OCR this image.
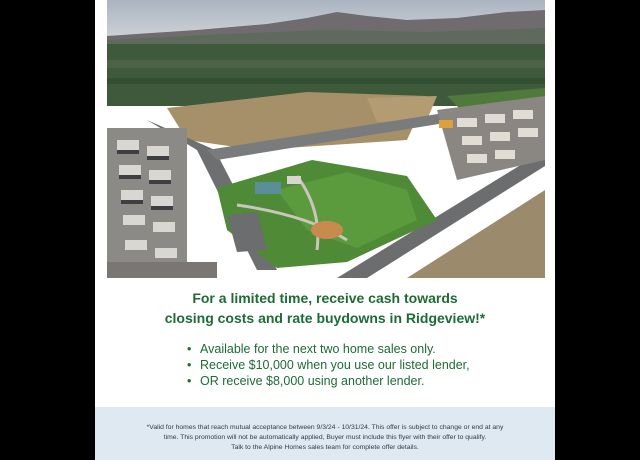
For a limited time, receive cash towards
closing costs and rate buydowns in Ridgeview!*
• Available for the next two home sales only.
• Receive $10,000 when you use our listed lender,
• OR receive $8,000 using another lender.
*Valid for homes that reach mutual acceptance between 9/3/24 - 10/31/24. This offer is subject to change or end at any
time. This promotion will not be automatically applied, Buyer must include this flyer with their offer to qualify.
Talk to the Alpine Homes sales team for complete offer details.
